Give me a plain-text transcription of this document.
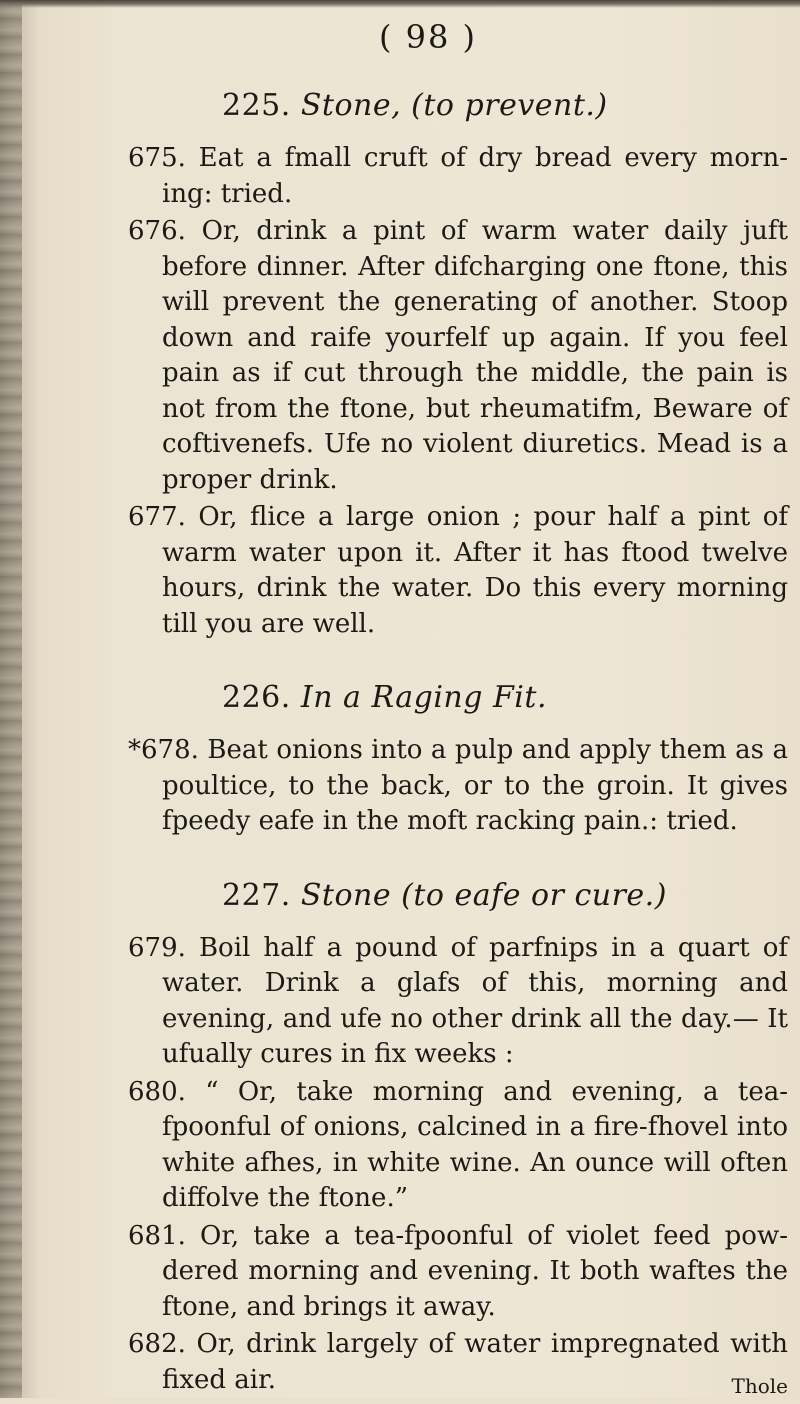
( 98 )
225. Stone, (to prevent.)

675. Eat a fmall cruft of dry bread every morn- ing: tried.

676. Or, drink a pint of warm water daily juft before dinner. After difcharging one ftone, this will prevent the generating of another. Stoop down and raife yourfelf up again. If you feel pain as if cut through the middle, the pain is not from the ftone, but rheumatifm, Beware of coftivenefs. Ufe no violent diuretics. Mead is a proper drink.

677. Or, flice a large onion ; pour half a pint of warm water upon it. After it has ftood twelve hours, drink the water. Do this every morning till you are well.

226. In a Raging Fit.

*678. Beat onions into a pulp and apply them as a poultice, to the back, or to the groin. It gives fpeedy eafe in the moft racking pain.: tried.

227. Stone (to eafe or cure.)

679. Boil half a pound of parfnips in a quart of water. Drink a glafs of this, morning and evening, and ufe no other drink all the day.— It ufually cures in fix weeks :

680. “ Or, take morning and evening, a tea- fpoonful of onions, calcined in a fire-fhovel into white afhes, in white wine. An ounce will often diffolve the ftone.”

681. Or, take a tea-fpoonful of violet feed pow- dered morning and evening. It both waftes the ftone, and brings it away.

682. Or, drink largely of water impregnated with fixed air.	Thole
